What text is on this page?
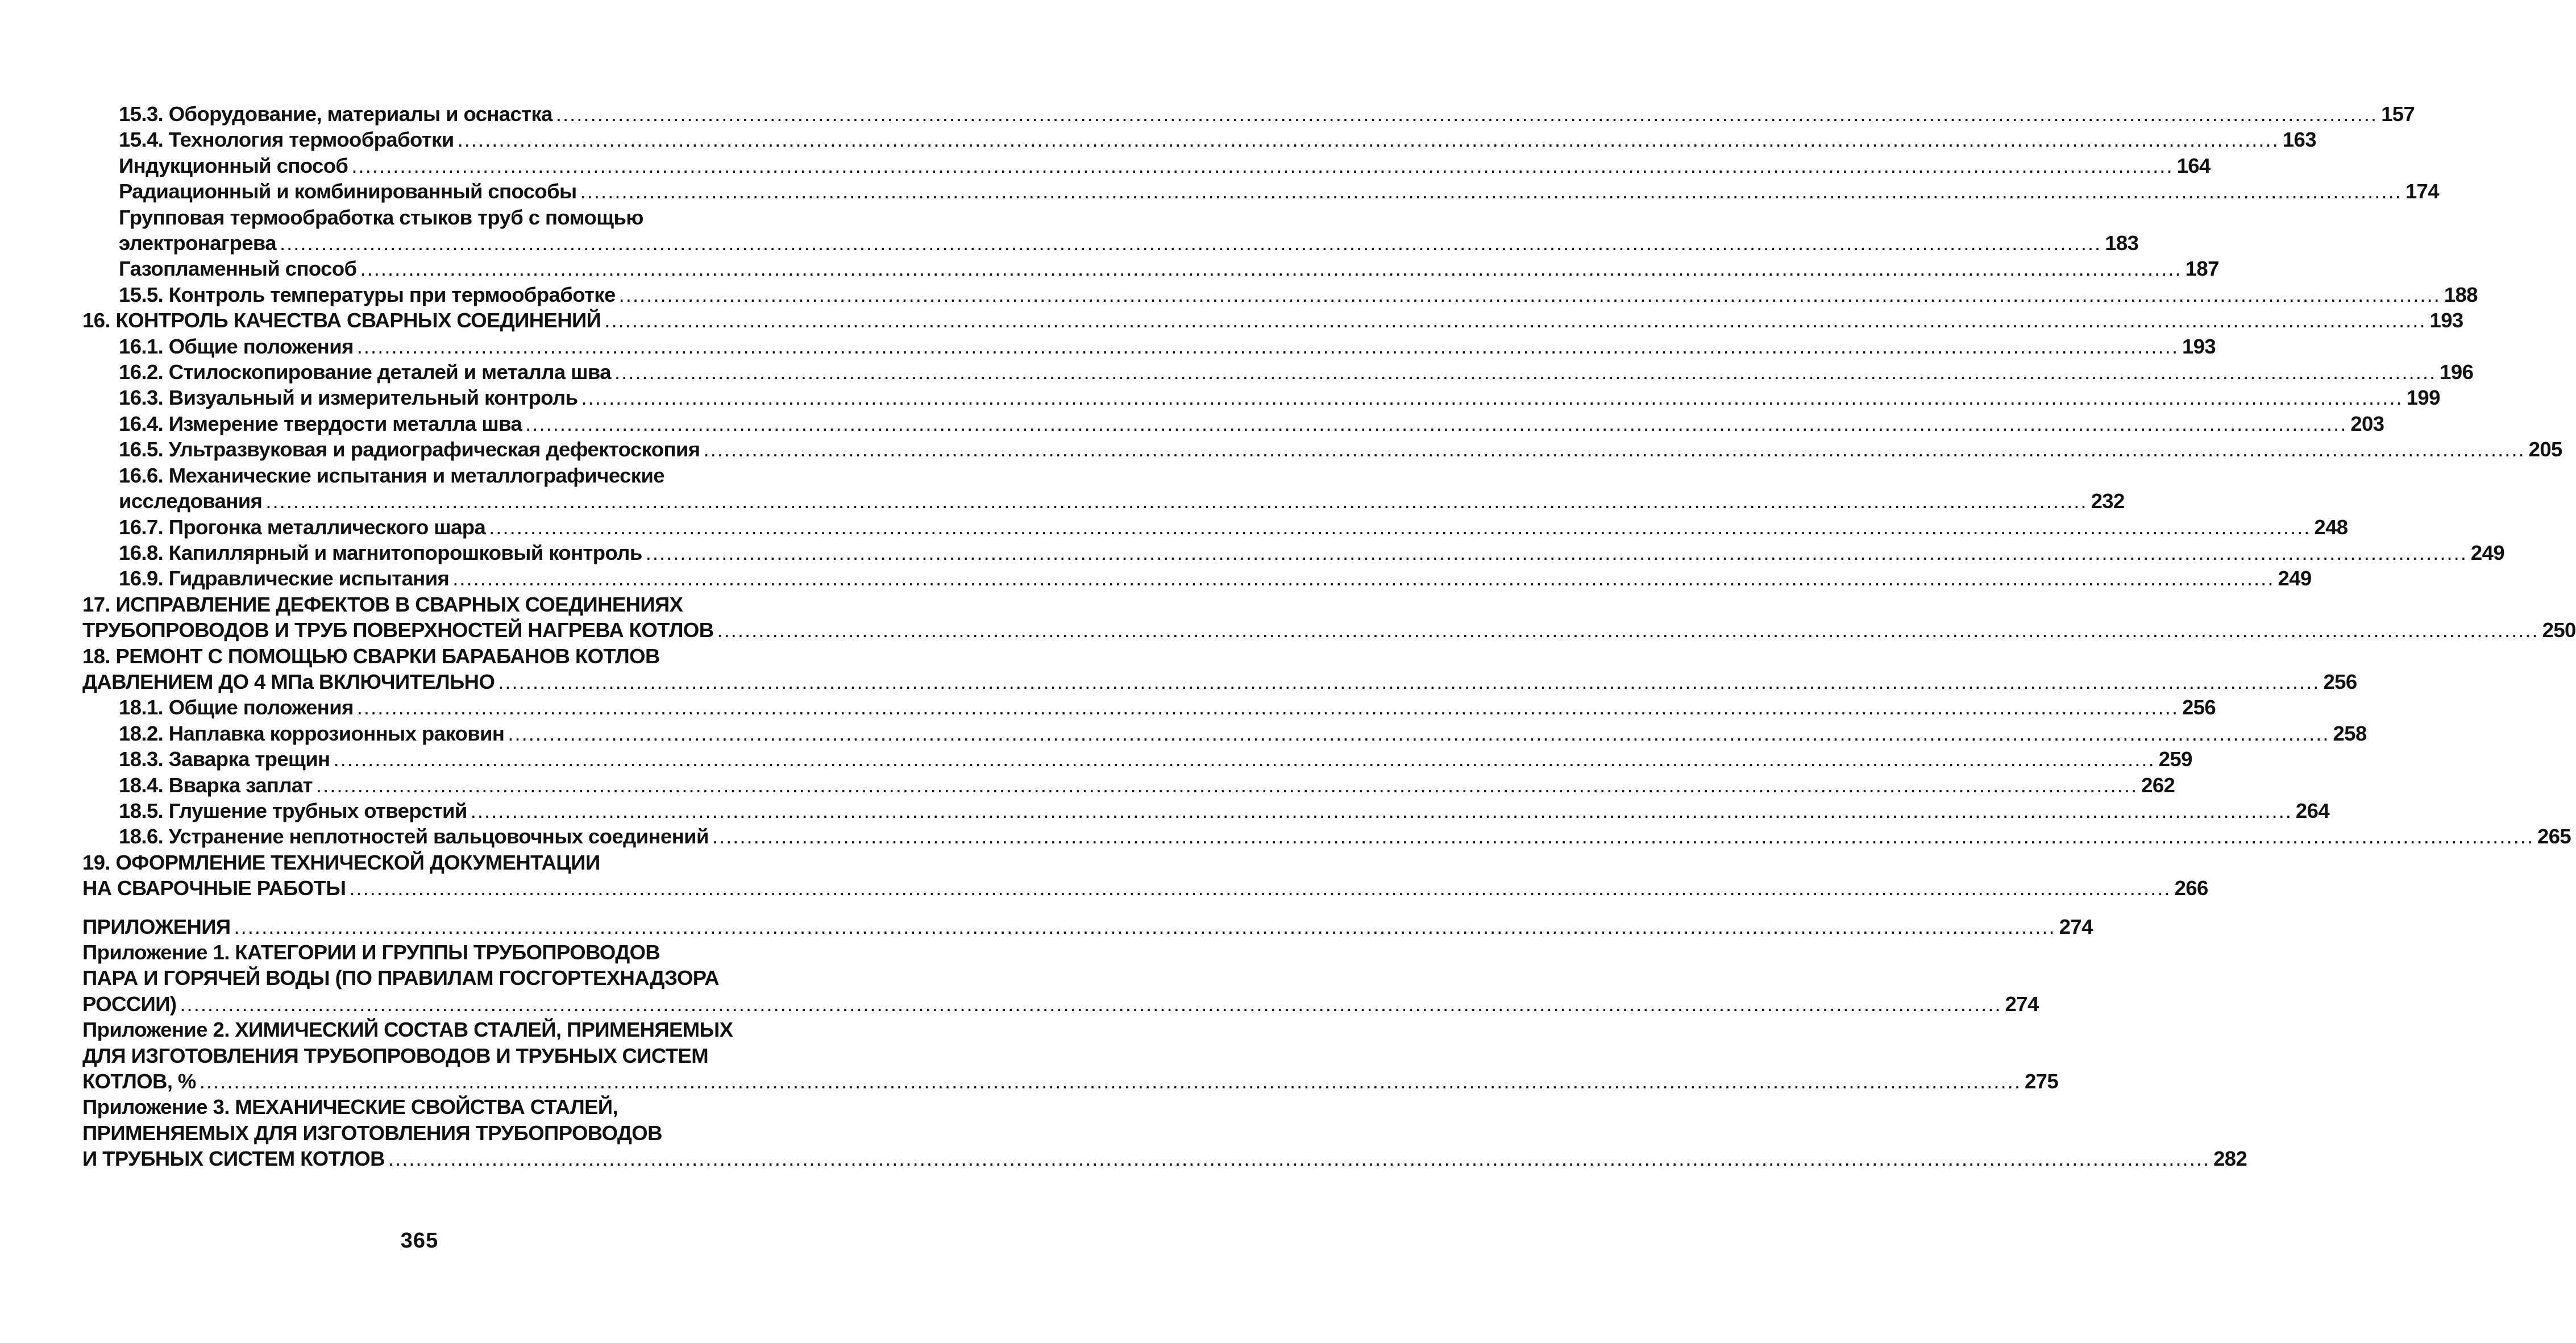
15.3. Оборудование, материалы и оснастка .....	157
15.4. Технология термообработки .....	163
Индукционный способ .....	164
Радиационный и комбинированный способы .....	174
Групповая термообработка стыков труб с помощью
электронагрева .....	183
Газопламенный способ .....	187
15.5. Контроль температуры при термообработке .....	188
16. КОНТРОЛЬ КАЧЕСТВА СВАРНЫХ СОЕДИНЕНИЙ .....	193
16.1. Общие положения .....	193
16.2. Стилоскопирование деталей и металла шва .....	196
16.3. Визуальный и измерительный контроль .....	199
16.4. Измерение твердости металла шва .....	203
16.5. Ультразвуковая и радиографическая дефектоскопия .....	205
16.6. Механические испытания и металлографические
исследования .....	232
16.7. Прогонка металлического шара .....	248
16.8. Капиллярный и магнитопорошковый контроль .....	249
16.9. Гидравлические испытания .....	249
17. ИСПРАВЛЕНИЕ ДЕФЕКТОВ В СВАРНЫХ СОЕДИНЕНИЯХ
ТРУБОПРОВОДОВ И ТРУБ ПОВЕРХНОСТЕЙ НАГРЕВА КОТЛОВ .....	250
18. РЕМОНТ С ПОМОЩЬЮ СВАРКИ БАРАБАНОВ КОТЛОВ
ДАВЛЕНИЕМ ДО 4 МПа ВКЛЮЧИТЕЛЬНО .....	256
18.1. Общие положения .....	256
18.2. Наплавка коррозионных раковин .....	258
18.3. Заварка трещин .....	259
18.4. Вварка заплат .....	262
18.5. Глушение трубных отверстий .....	264
18.6. Устранение неплотностей вальцовочных соединений .....	265
19. ОФОРМЛЕНИЕ ТЕХНИЧЕСКОЙ ДОКУМЕНТАЦИИ
НА СВАРОЧНЫЕ РАБОТЫ .....	266
ПРИЛОЖЕНИЯ .....	274
Приложение 1. КАТЕГОРИИ И ГРУППЫ ТРУБОПРОВОДОВ
ПАРА И ГОРЯЧЕЙ ВОДЫ (ПО ПРАВИЛАМ ГОСГОРТЕХНАДЗОРА
РОССИИ) .....	274
Приложение 2. ХИМИЧЕСКИЙ СОСТАВ СТАЛЕЙ, ПРИМЕНЯЕМЫХ
ДЛЯ ИЗГОТОВЛЕНИЯ ТРУБОПРОВОДОВ И ТРУБНЫХ СИСТЕМ
КОТЛОВ, % .....	275
Приложение 3. МЕХАНИЧЕСКИЕ СВОЙСТВА СТАЛЕЙ,
ПРИМЕНЯЕМЫХ ДЛЯ ИЗГОТОВЛЕНИЯ ТРУБОПРОВОДОВ
И ТРУБНЫХ СИСТЕМ КОТЛОВ .....	282
365
